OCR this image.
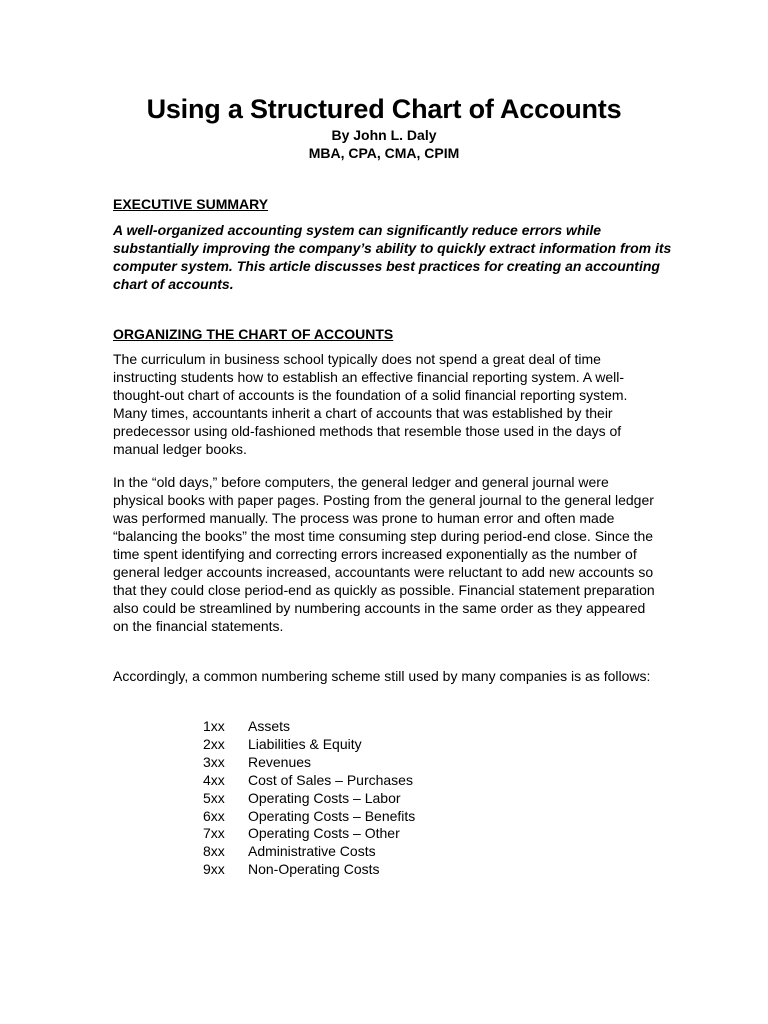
Using a Structured Chart of Accounts
By John L. Daly
MBA, CPA, CMA, CPIM
EXECUTIVE SUMMARY

A well-organized accounting system can significantly reduce errors while substantially improving the company’s ability to quickly extract information from its computer system. This article discusses best practices for creating an accounting chart of accounts.

ORGANIZING THE CHART OF ACCOUNTS

The curriculum in business school typically does not spend a great deal of time instructing students how to establish an effective financial reporting system. A well-thought-out chart of accounts is the foundation of a solid financial reporting system. Many times, accountants inherit a chart of accounts that was established by their predecessor using old-fashioned methods that resemble those used in the days of manual ledger books.

In the “old days,” before computers, the general ledger and general journal were physical books with paper pages. Posting from the general journal to the general ledger was performed manually. The process was prone to human error and often made “balancing the books” the most time consuming step during period-end close. Since the time spent identifying and correcting errors increased exponentially as the number of general ledger accounts increased, accountants were reluctant to add new accounts so that they could close period-end as quickly as possible. Financial statement preparation also could be streamlined by numbering accounts in the same order as they appeared on the financial statements.

Accordingly, a common numbering scheme still used by many companies is as follows:

1xx	Assets
2xx	Liabilities & Equity
3xx	Revenues
4xx	Cost of Sales – Purchases
5xx	Operating Costs – Labor
6xx	Operating Costs – Benefits
7xx	Operating Costs – Other
8xx	Administrative Costs
9xx	Non-Operating Costs
